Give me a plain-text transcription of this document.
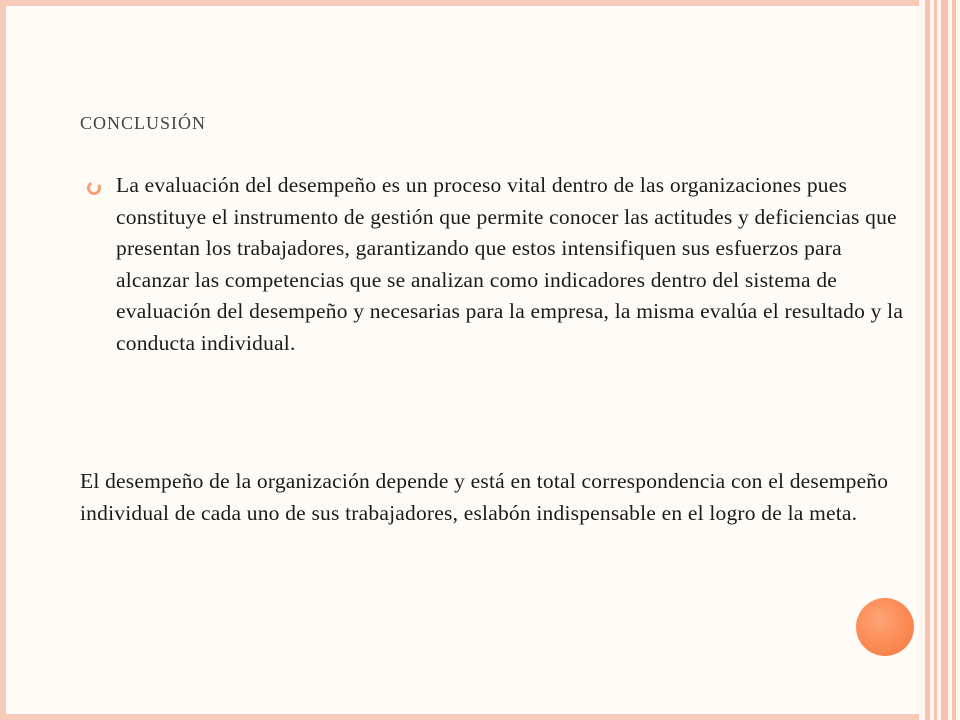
conclusión
La evaluación del desempeño es un proceso vital dentro de las organizaciones pues constituye el instrumento de gestión que permite conocer las actitudes y deficiencias que presentan los trabajadores, garantizando que estos intensifiquen sus esfuerzos para alcanzar las competencias que se analizan como indicadores dentro del sistema de evaluación del desempeño y necesarias para la empresa, la misma evalúa el resultado y la conducta individual.
El desempeño de la organización depende y está en total correspondencia con el desempeño individual de cada uno de sus trabajadores, eslabón indispensable en el logro de la meta.
